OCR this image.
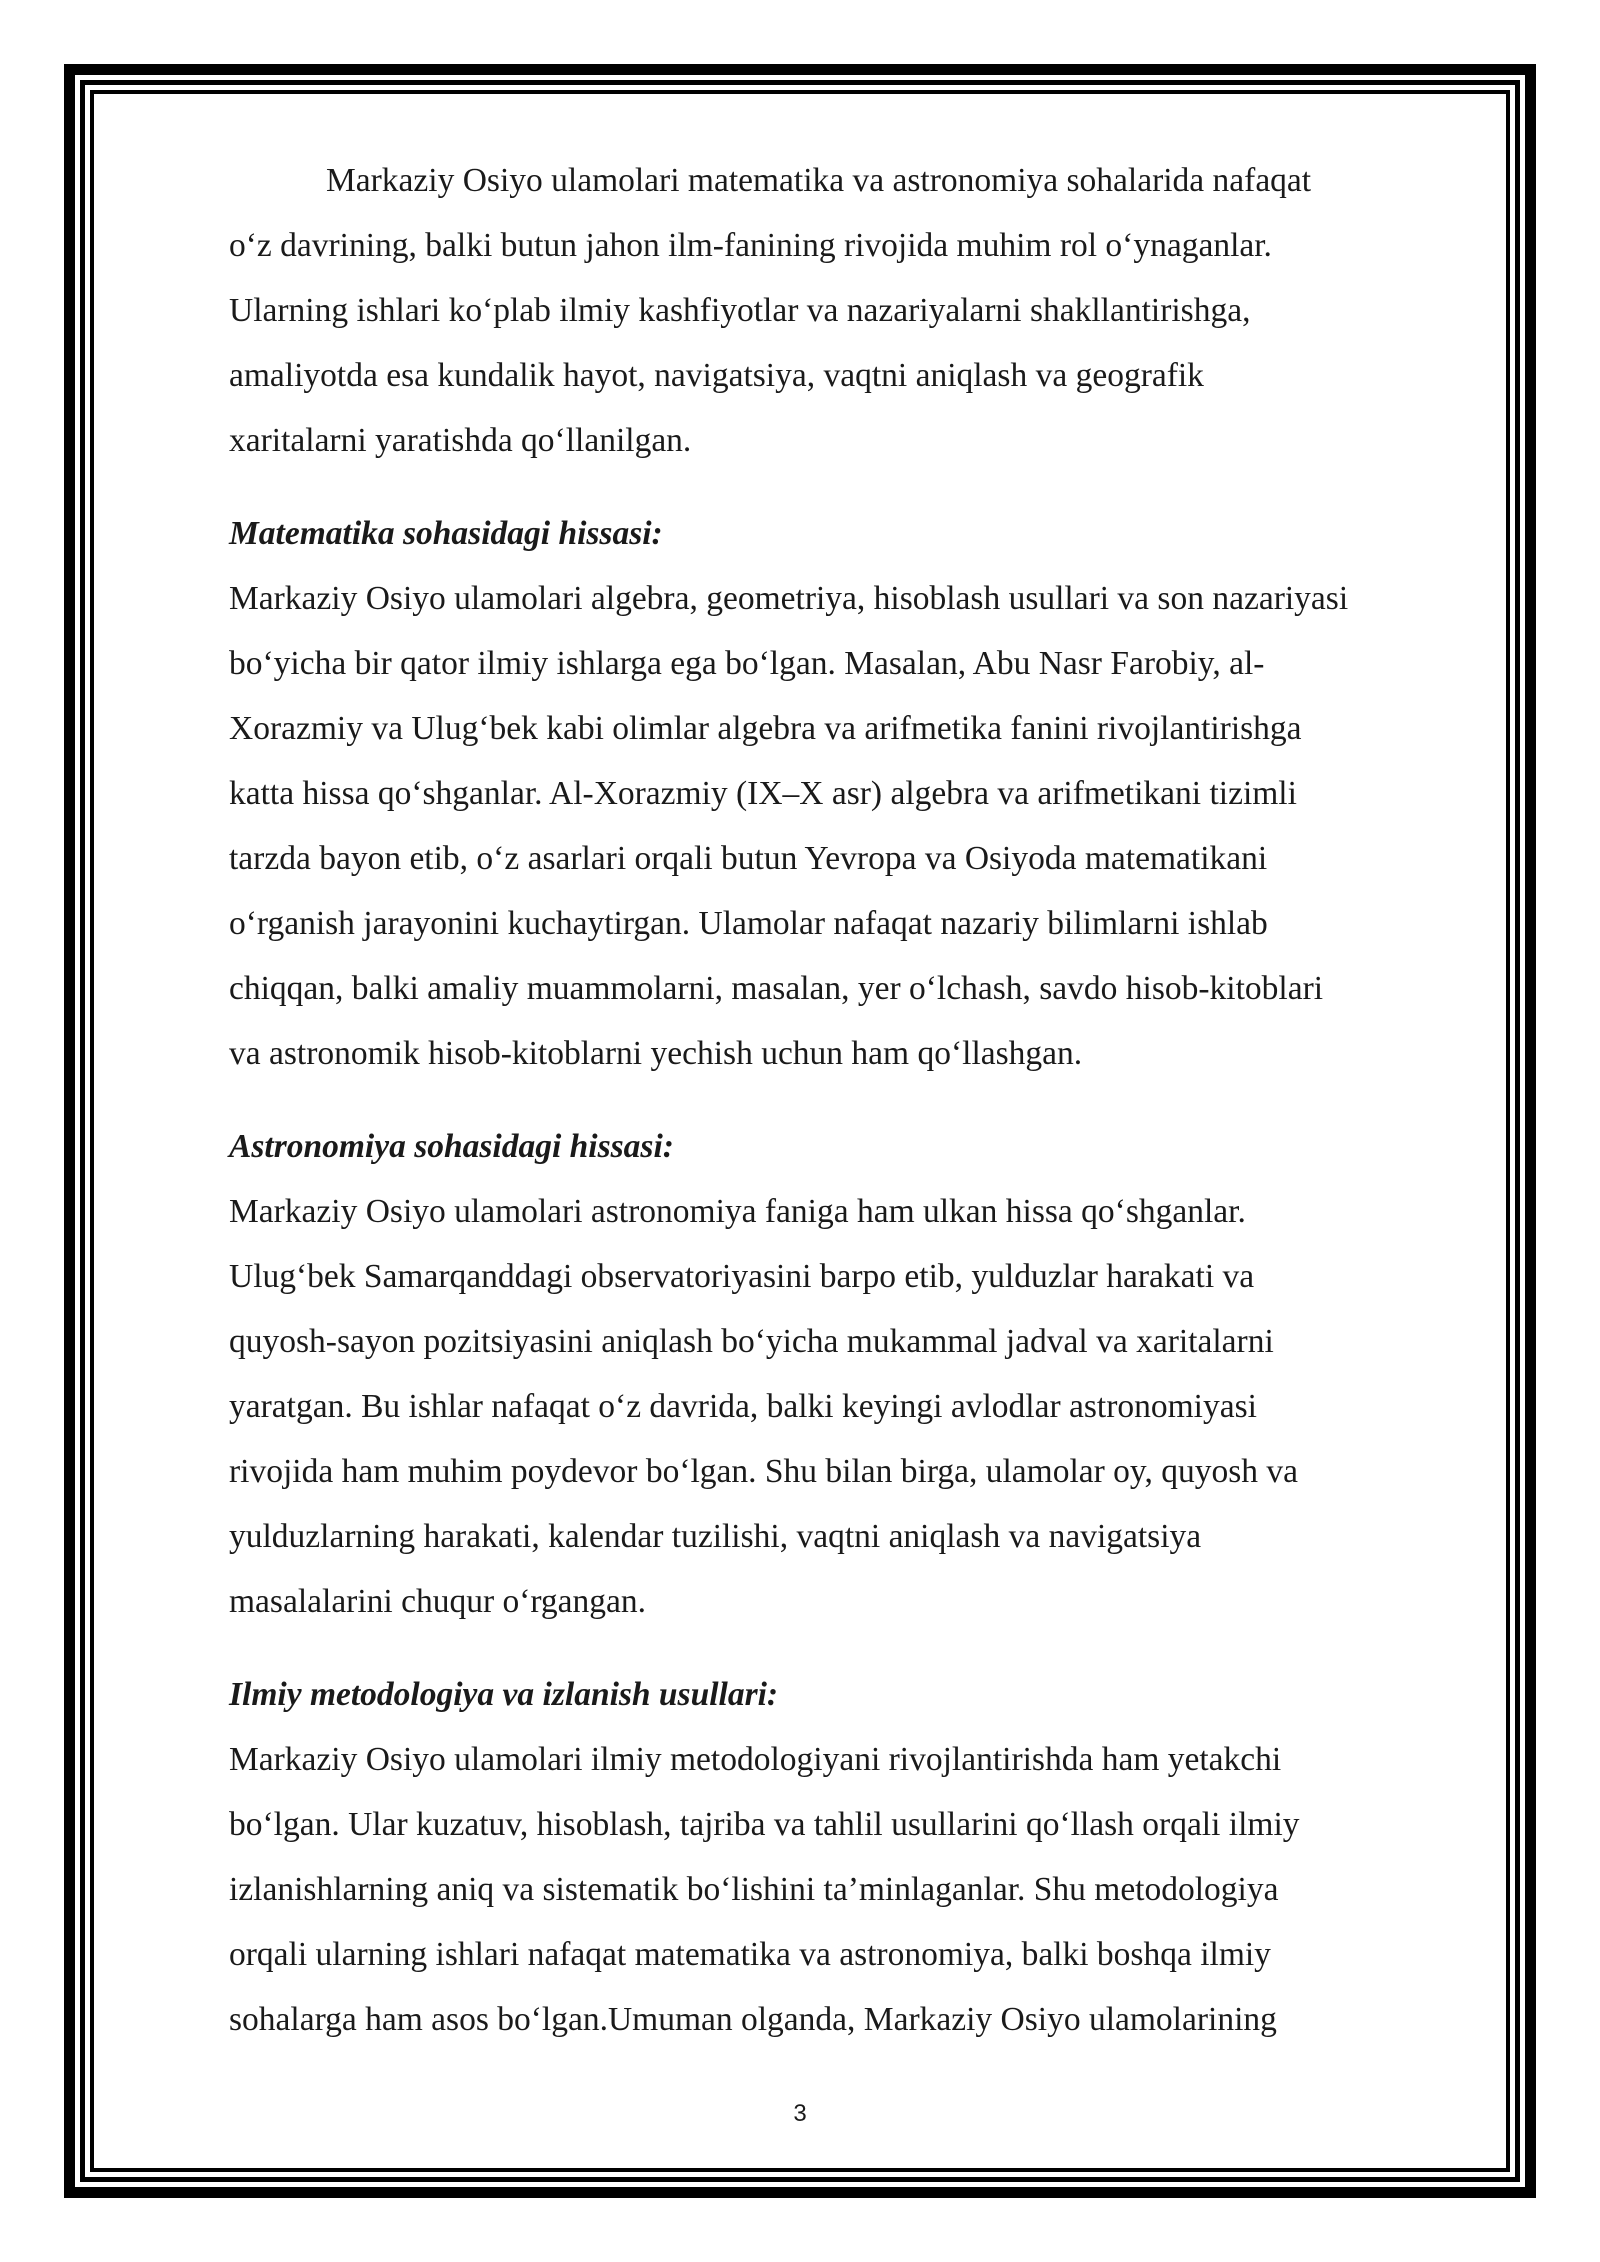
Markaziy Osiyo ulamolari matematika va astronomiya sohalarida nafaqat

o‘z davrining, balki butun jahon ilm-fanining rivojida muhim rol o‘ynaganlar.

Ularning ishlari ko‘plab ilmiy kashfiyotlar va nazariyalarni shakllantirishga,

amaliyotda esa kundalik hayot, navigatsiya, vaqtni aniqlash va geografik

xaritalarni yaratishda qo‘llanilgan.

Matematika sohasidagi hissasi:

Markaziy Osiyo ulamolari algebra, geometriya, hisoblash usullari va son nazariyasi

bo‘yicha bir qator ilmiy ishlarga ega bo‘lgan. Masalan, Abu Nasr Farobiy, al-

Xorazmiy va Ulug‘bek kabi olimlar algebra va arifmetika fanini rivojlantirishga

katta hissa qo‘shganlar. Al-Xorazmiy (IX–X asr) algebra va arifmetikani tizimli

tarzda bayon etib, o‘z asarlari orqali butun Yevropa va Osiyoda matematikani

o‘rganish jarayonini kuchaytirgan. Ulamolar nafaqat nazariy bilimlarni ishlab

chiqqan, balki amaliy muammolarni, masalan, yer o‘lchash, savdo hisob-kitoblari

va astronomik hisob-kitoblarni yechish uchun ham qo‘llashgan.

Astronomiya sohasidagi hissasi:

Markaziy Osiyo ulamolari astronomiya faniga ham ulkan hissa qo‘shganlar.

Ulug‘bek Samarqanddagi observatoriyasini barpo etib, yulduzlar harakati va

quyosh-sayon pozitsiyasini aniqlash bo‘yicha mukammal jadval va xaritalarni

yaratgan. Bu ishlar nafaqat o‘z davrida, balki keyingi avlodlar astronomiyasi

rivojida ham muhim poydevor bo‘lgan. Shu bilan birga, ulamolar oy, quyosh va

yulduzlarning harakati, kalendar tuzilishi, vaqtni aniqlash va navigatsiya

masalalarini chuqur o‘rgangan.

Ilmiy metodologiya va izlanish usullari:

Markaziy Osiyo ulamolari ilmiy metodologiyani rivojlantirishda ham yetakchi

bo‘lgan. Ular kuzatuv, hisoblash, tajriba va tahlil usullarini qo‘llash orqali ilmiy

izlanishlarning aniq va sistematik bo‘lishini ta’minlaganlar. Shu metodologiya

orqali ularning ishlari nafaqat matematika va astronomiya, balki boshqa ilmiy

sohalarga ham asos bo‘lgan.Umuman olganda, Markaziy Osiyo ulamolarining

3
